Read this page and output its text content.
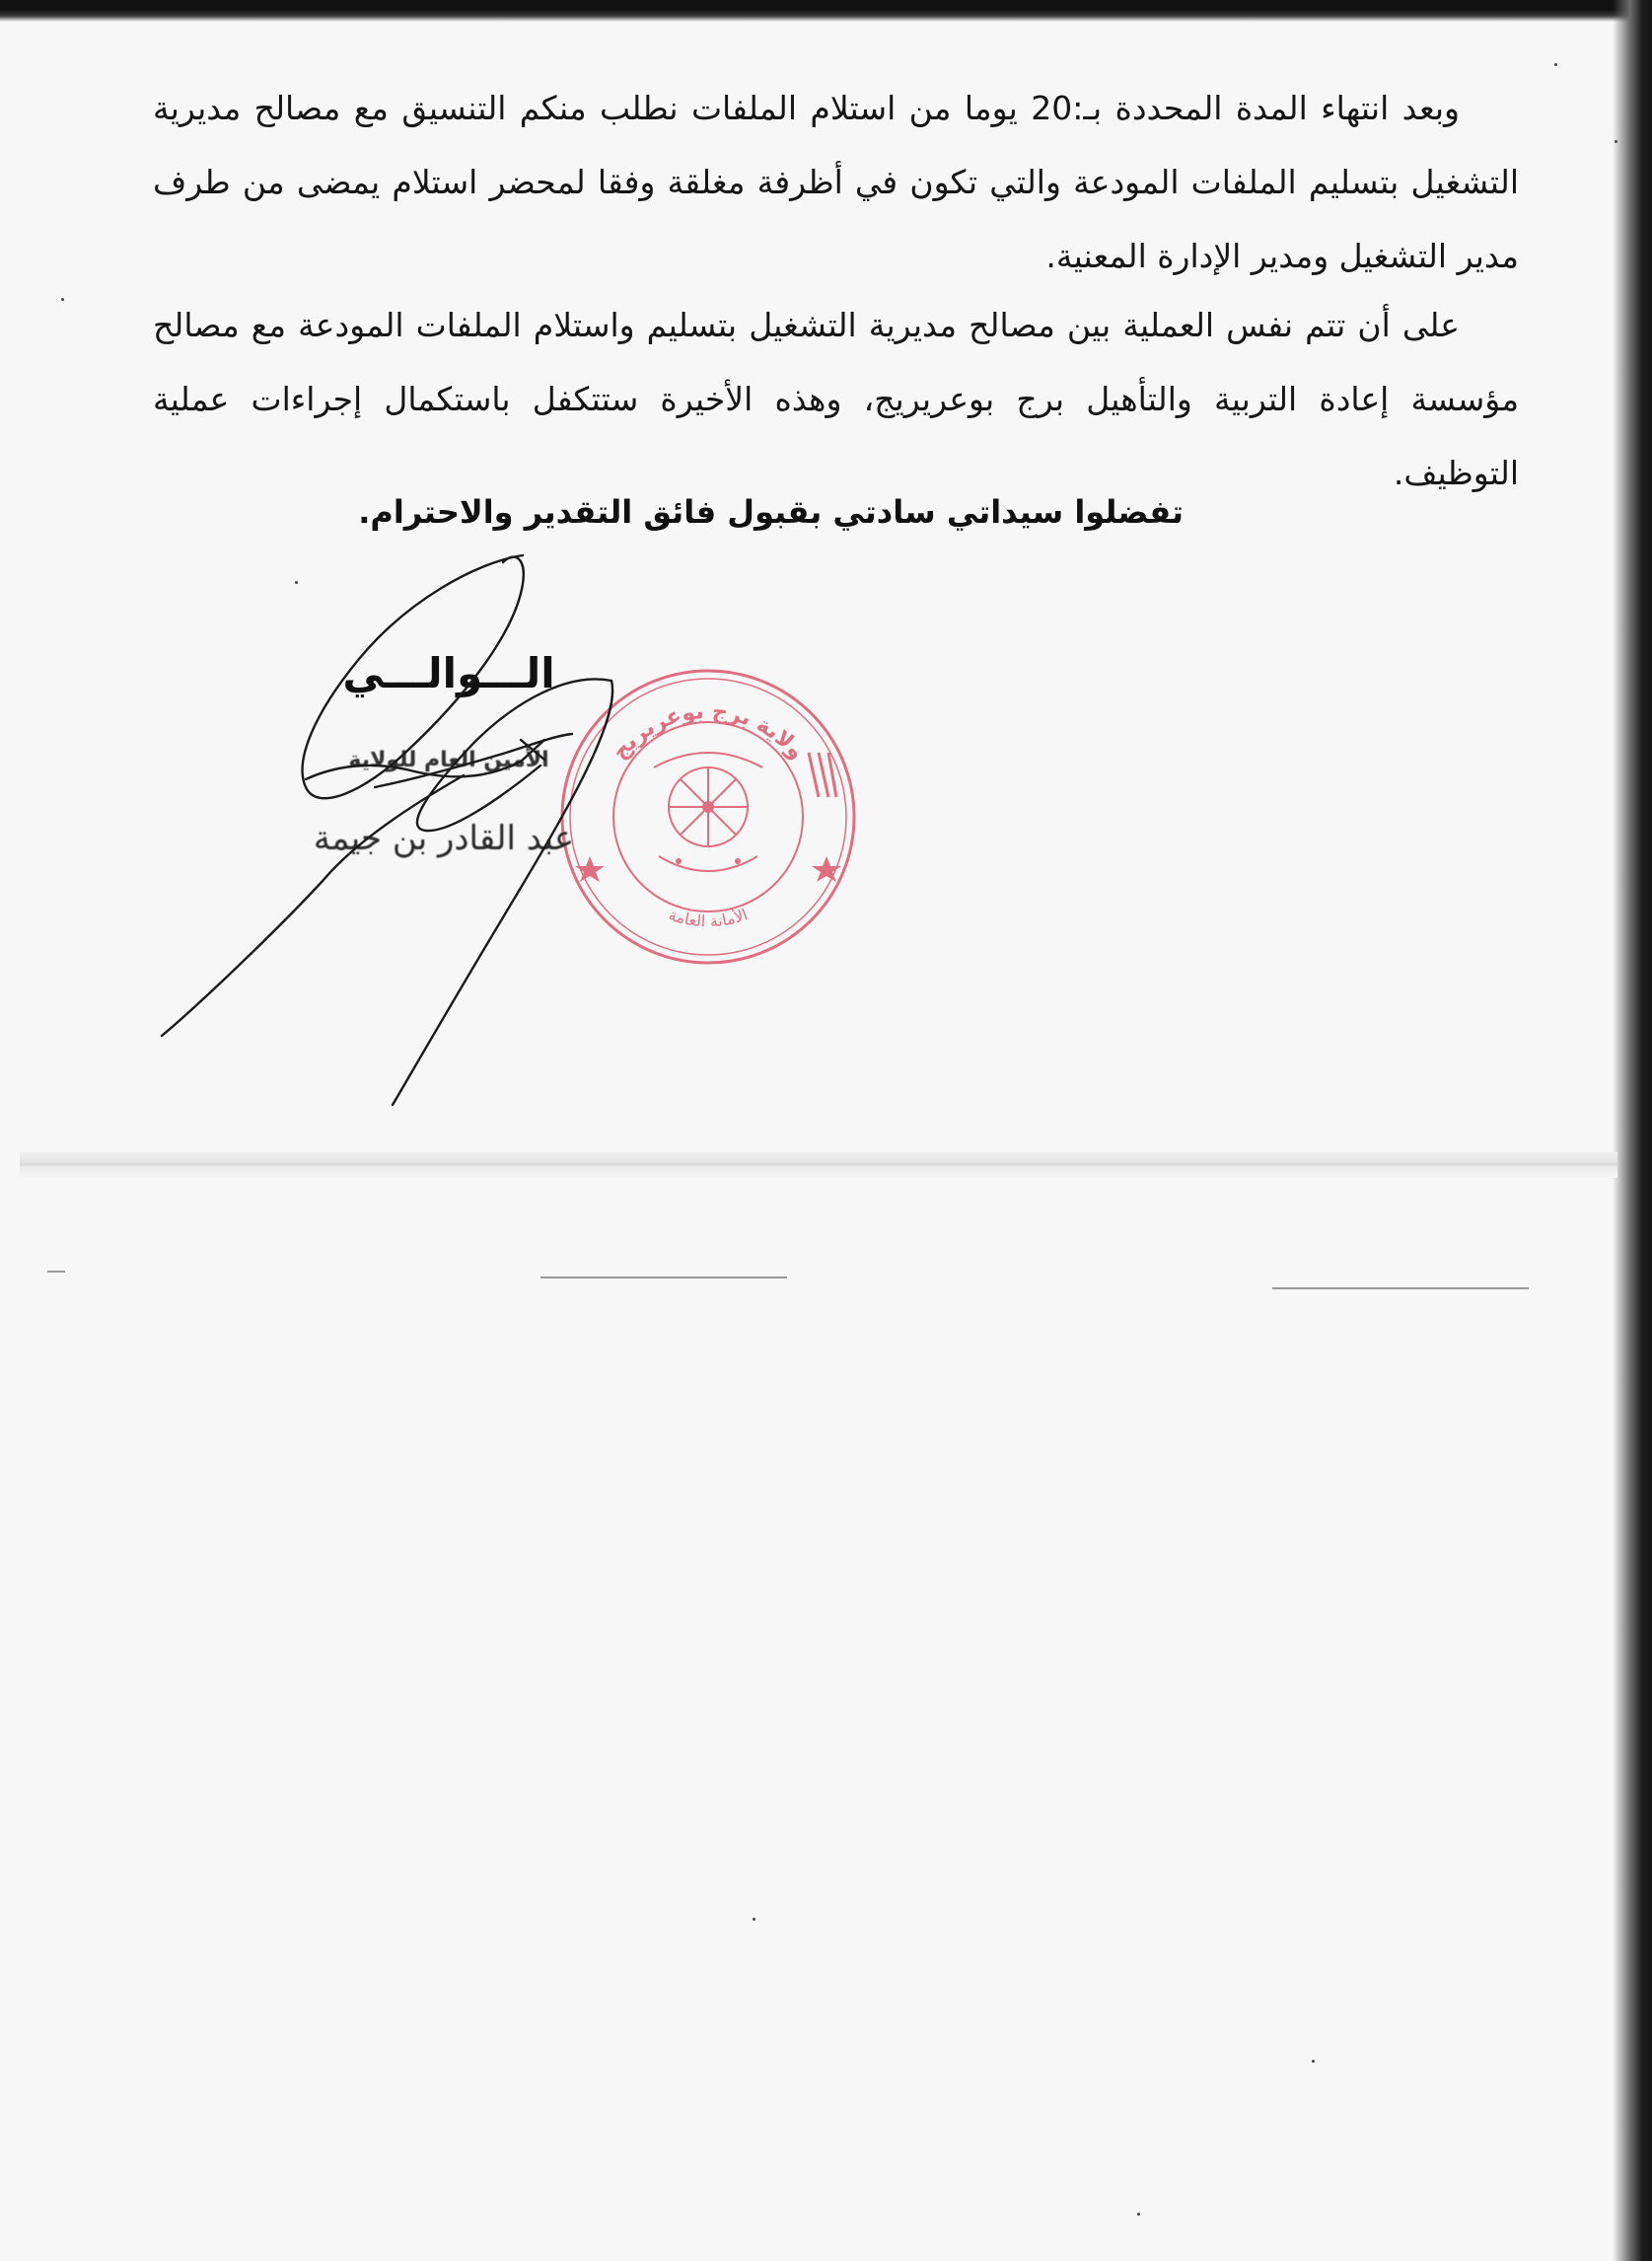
وبعد انتهاء المدة المحددة بـ:20 يوما من استلام الملفات نطلب منكم التنسيق مع مصالح مديرية التشغيل بتسليم الملفات المودعة والتي تكون في أظرفة مغلقة وفقا لمحضر استلام يمضى من طرف مدير التشغيل ومدير الإدارة المعنية.

على أن تتم نفس العملية بين مصالح مديرية التشغيل بتسليم واستلام الملفات المودعة مع مصالح مؤسسة إعادة التربية والتأهيل برج بوعريريج، وهذه الأخيرة ستتكفل باستكمال إجراءات عملية التوظيف.

تفضلوا سيداتي سادتي بقبول فائق التقدير والاحترام.

ولاية برج بوعريريج
الأمانة العامة
الـــوالـــي
الأمين العام للولاية
عبد القادر بن جيمة
